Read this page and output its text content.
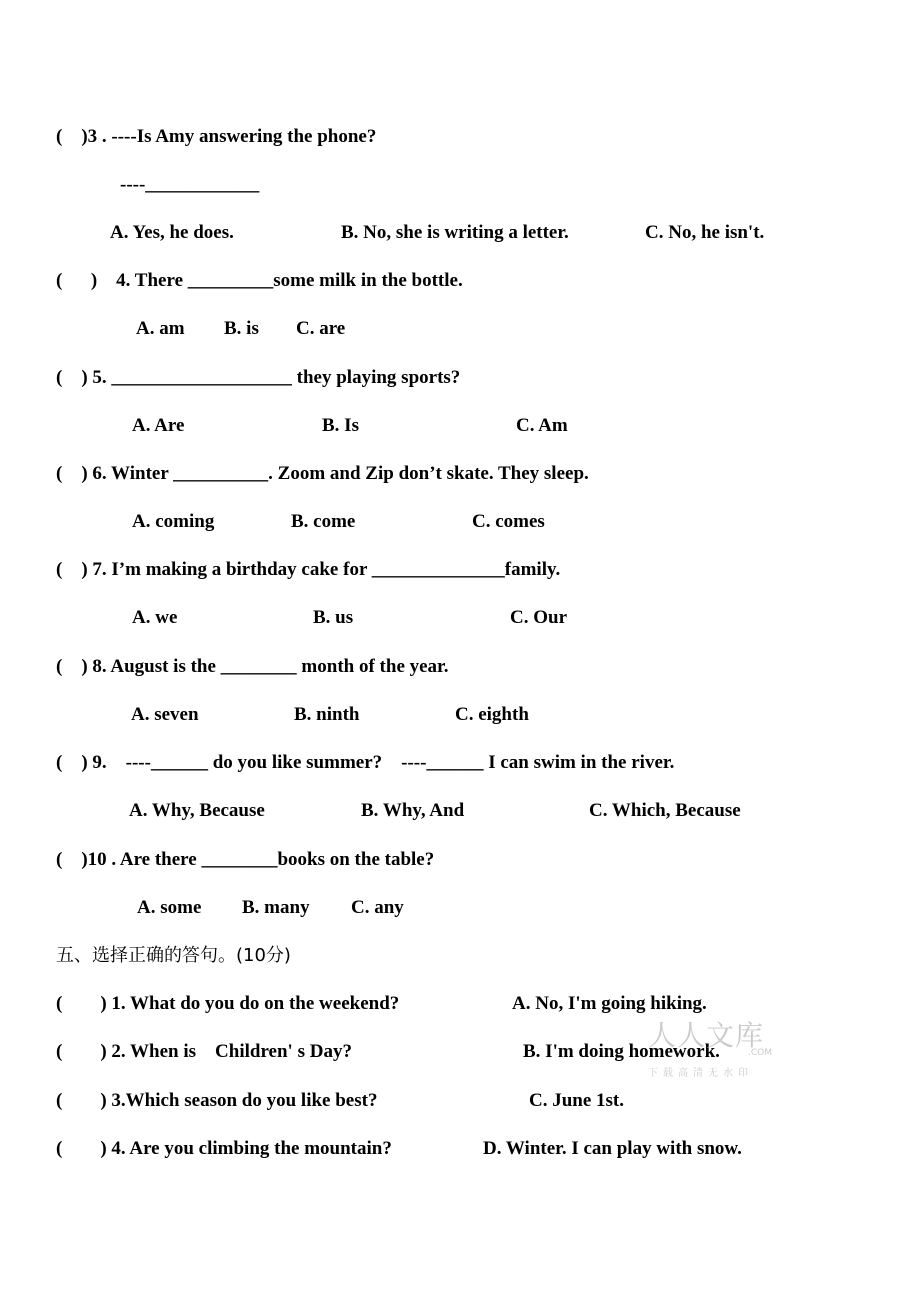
(    )3 . ----Is Amy answering the phone?
----____________
A. Yes, he does.	B. No, she is writing a letter.	C. No, he isn't.
(      )    4. There _________some milk in the bottle.
A. am B. is C. are
(    ) 5. ___________________ they playing sports?
A. Are	B. Is	C. Am
(    ) 6. Winter __________. Zoom and Zip don’t skate. They sleep.
A. coming	B. come	C. comes
(    ) 7. I’m making a birthday cake for ______________family.
A. we	B. us	C. Our
(    ) 8. August is the ________ month of the year.
A. seven	B. ninth	C. eighth
(    ) 9.    ----______ do you like summer?    ----______ I can swim in the river.
A. Why, Because	B. Why, And	C. Which, Because
(    )10 . Are there ________books on the table?
A. some B. many C. any
五、选择正确的答句。(10分)
(        ) 1. What do you do on the weekend?	A. No, I'm going hiking.
(        ) 2. When is    Children' s Day?	B. I'm doing homework.
(        ) 3.Which season do you like best?	C. June 1st.
(        ) 4. Are you climbing the mountain?	D. Winter. I can play with snow.
人人文库
.COM
下载高清无水印
